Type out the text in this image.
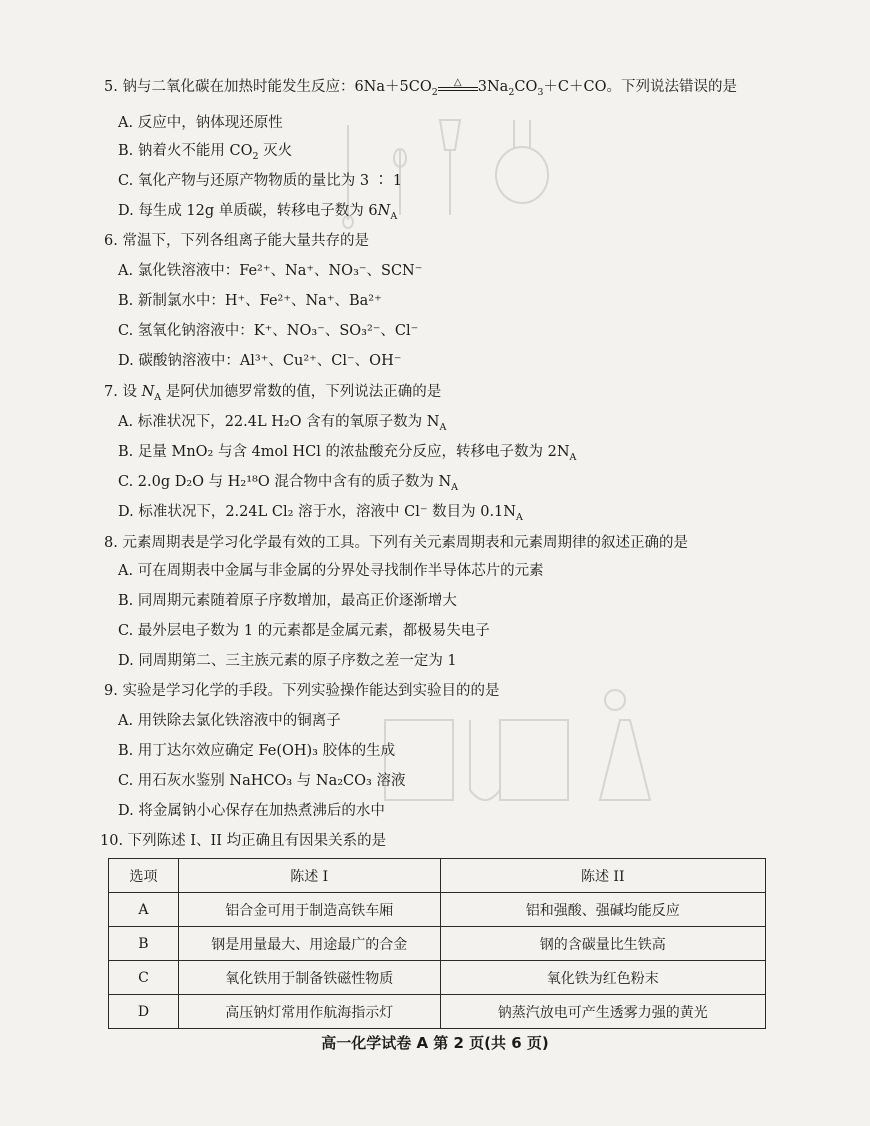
5. 钠与二氧化碳在加热时能发生反应：$6Na+5CO_2$
△	$3Na_2CO_3+C+CO$。下列说法错误的是
A. 反应中，钠体现还原性
B. 钠着火不能用 $CO_2$ 灭火
C. 氧化产物与还原产物物质的量比为 3 ∶ 1
D. 每生成 12g 单质碳，转移电子数为 $6N_A$
6. 常温下，下列各组离子能大量共存的是
A. 氯化铁溶液中：Fe²⁺、Na⁺、NO₃⁻、SCN⁻
B. 新制氯水中：H⁺、Fe²⁺、Na⁺、Ba²⁺
C. 氢氧化钠溶液中：K⁺、NO₃⁻、SO₃²⁻、Cl⁻
D. 碳酸钠溶液中：Al³⁺、Cu²⁺、Cl⁻、OH⁻
7. 设 $N_A$ 是阿伏加德罗常数的值，下列说法正确的是
A. 标准状况下，22.4L H₂O 含有的氧原子数为 $N_A$
B. 足量 MnO₂ 与含 4mol HCl 的浓盐酸充分反应，转移电子数为 $2N_A$
C. 2.0g D₂O 与 H₂¹⁸O 混合物中含有的质子数为 $N_A$
D. 标准状况下，2.24L Cl₂ 溶于水，溶液中 Cl⁻ 数目为 $0.1N_A$
8. 元素周期表是学习化学最有效的工具。下列有关元素周期表和元素周期律的叙述正确的是
A. 可在周期表中金属与非金属的分界处寻找制作半导体芯片的元素
B. 同周期元素随着原子序数增加，最高正价逐渐增大
C. 最外层电子数为 1 的元素都是金属元素，都极易失电子
D. 同周期第二、三主族元素的原子序数之差一定为 1
9. 实验是学习化学的手段。下列实验操作能达到实验目的的是
A. 用铁除去氯化铁溶液中的铜离子
B. 用丁达尔效应确定 Fe(OH)₃ 胶体的生成
C. 用石灰水鉴别 NaHCO₃ 与 Na₂CO₃ 溶液
D. 将金属钠小心保存在加热煮沸后的水中
10. 下列陈述 I、II 均正确且有因果关系的是
选项	陈述 I	陈述 II
A	铝合金可用于制造高铁车厢	铝和强酸、强碱均能反应
B	钢是用量最大、用途最广的合金	钢的含碳量比生铁高
C	氧化铁用于制备铁磁性物质	氧化铁为红色粉末
D	高压钠灯常用作航海指示灯	钠蒸汽放电可产生透雾力强的黄光
高一化学试卷 A 第 2 页(共 6 页)
